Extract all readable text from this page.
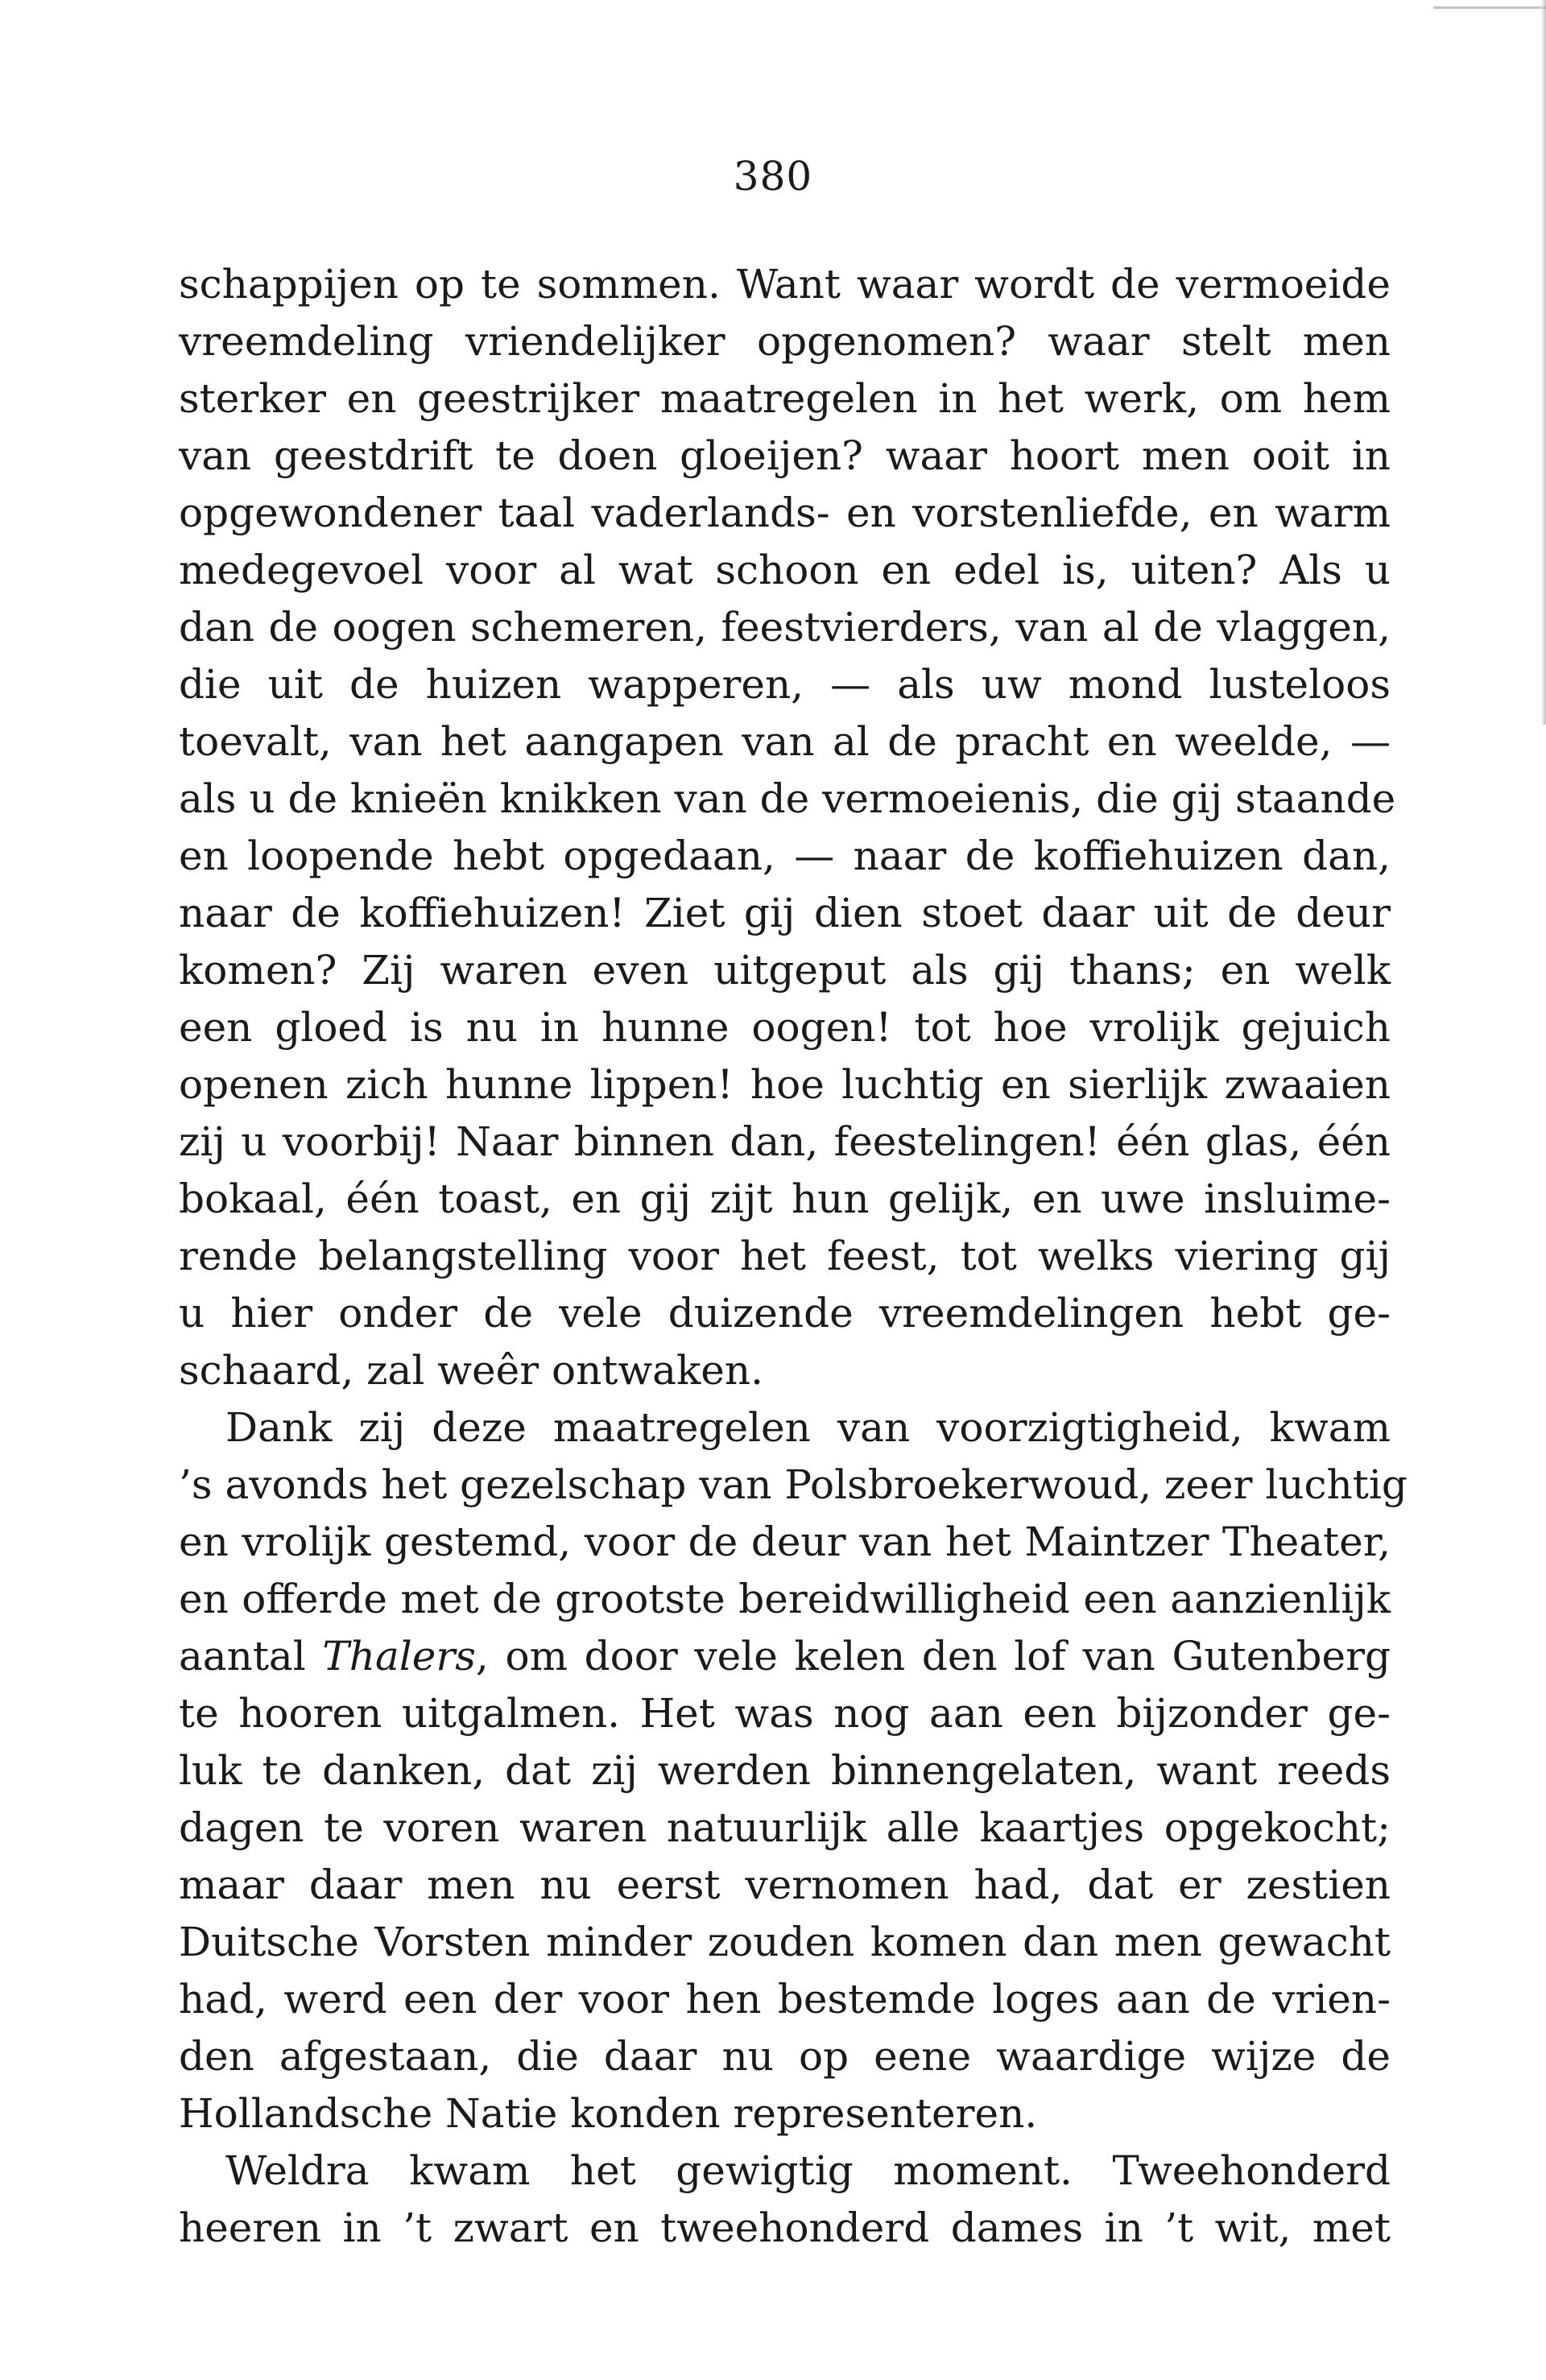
380
schappijen op te sommen. Want waar wordt de vermoeide
vreemdeling vriendelijker opgenomen? waar stelt men
sterker en geestrijker maatregelen in het werk, om hem
van geestdrift te doen gloeijen? waar hoort men ooit in
opgewondener taal vaderlands- en vorstenliefde, en warm
medegevoel voor al wat schoon en edel is, uiten? Als u
dan de oogen schemeren, feestvierders, van al de vlaggen,
die uit de huizen wapperen, — als uw mond lusteloos
toevalt, van het aangapen van al de pracht en weelde, —
als u de knieën knikken van de vermoeienis, die gij staande
en loopende hebt opgedaan, — naar de koffiehuizen dan,
naar de koffiehuizen! Ziet gij dien stoet daar uit de deur
komen? Zij waren even uitgeput als gij thans; en welk
een gloed is nu in hunne oogen! tot hoe vrolijk gejuich
openen zich hunne lippen! hoe luchtig en sierlijk zwaaien
zij u voorbij! Naar binnen dan, feestelingen! één glas, één
bokaal, één toast, en gij zijt hun gelijk, en uwe insluime-
rende belangstelling voor het feest, tot welks viering gij
u hier onder de vele duizende vreemdelingen hebt ge-
schaard, zal weêr ontwaken.
Dank zij deze maatregelen van voorzigtigheid, kwam
’s avonds het gezelschap van Polsbroekerwoud, zeer luchtig
en vrolijk gestemd, voor de deur van het Maintzer Theater,
en offerde met de grootste bereidwilligheid een aanzienlijk
aantal Thalers, om door vele kelen den lof van Gutenberg
te hooren uitgalmen. Het was nog aan een bijzonder ge-
luk te danken, dat zij werden binnengelaten, want reeds
dagen te voren waren natuurlijk alle kaartjes opgekocht;
maar daar men nu eerst vernomen had, dat er zestien
Duitsche Vorsten minder zouden komen dan men gewacht
had, werd een der voor hen bestemde loges aan de vrien-
den afgestaan, die daar nu op eene waardige wijze de
Hollandsche Natie konden representeren.
Weldra kwam het gewigtig moment. Tweehonderd
heeren in ’t zwart en tweehonderd dames in ’t wit, met
